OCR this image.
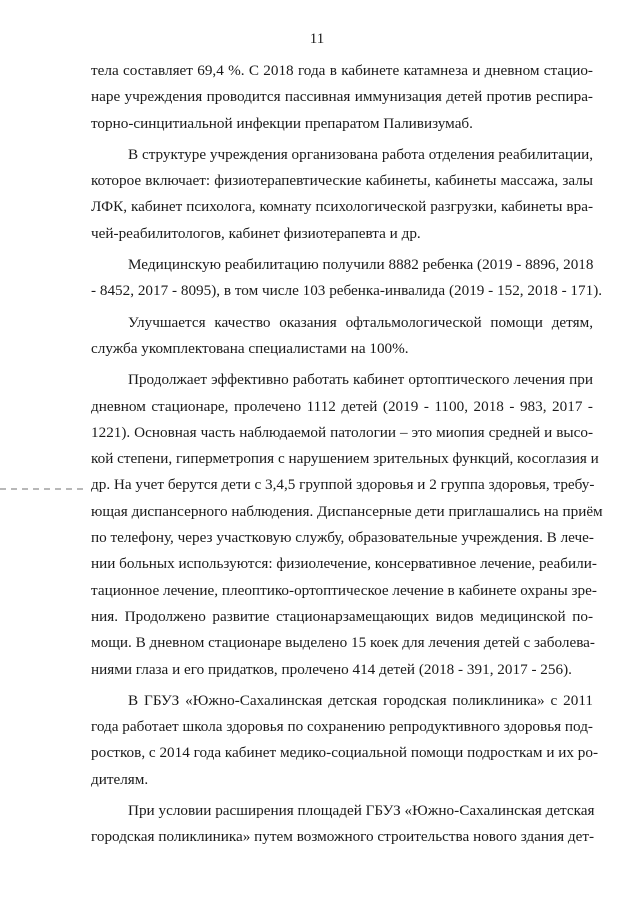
11
тела составляет 69,4 %. С 2018 года в кабинете катамнеза и дневном стацио-
наре учреждения проводится пассивная иммунизация детей против респира-
торно-синцитиальной инфекции препаратом Паливизумаб.
В структуре учреждения организована работа отделения реабилитации,
которое включает: физиотерапевтические кабинеты, кабинеты массажа, залы
ЛФК, кабинет психолога, комнату психологической разгрузки, кабинеты вра-
чей-реабилитологов, кабинет физиотерапевта и др.
Медицинскую реабилитацию получили 8882 ребенка (2019 - 8896, 2018
- 8452, 2017 - 8095), в том числе 103 ребенка-инвалида (2019 - 152, 2018 - 171).
Улучшается качество оказания офтальмологической помощи детям,
служба укомплектована специалистами на 100%.
Продолжает эффективно работать кабинет ортоптического лечения при
дневном стационаре, пролечено 1112 детей (2019 - 1100, 2018 - 983, 2017 -
1221). Основная часть наблюдаемой патологии – это миопия средней и высо-
кой степени, гиперметропия с нарушением зрительных функций, косоглазия и
др. На учет берутся дети с 3,4,5 группой здоровья и 2 группа здоровья, требу-
ющая диспансерного наблюдения. Диспансерные дети приглашались на приём
по телефону, через участковую службу, образовательные учреждения. В лече-
нии больных используются: физиолечение, консервативное лечение, реабили-
тационное лечение, плеоптико-ортоптическое лечение в кабинете охраны зре-
ния. Продолжено развитие стационарзамещающих видов медицинской по-
мощи. В дневном стационаре выделено 15 коек для лечения детей с заболева-
ниями глаза и его придатков, пролечено 414 детей (2018 - 391, 2017 - 256).
В ГБУЗ «Южно-Сахалинская детская городская поликлиника» с 2011
года работает школа здоровья по сохранению репродуктивного здоровья под-
ростков, с 2014 года кабинет медико-социальной помощи подросткам и их ро-
дителям.
При условии расширения площадей ГБУЗ «Южно-Сахалинская детская
городская поликлиника» путем возможного строительства нового здания дет-
